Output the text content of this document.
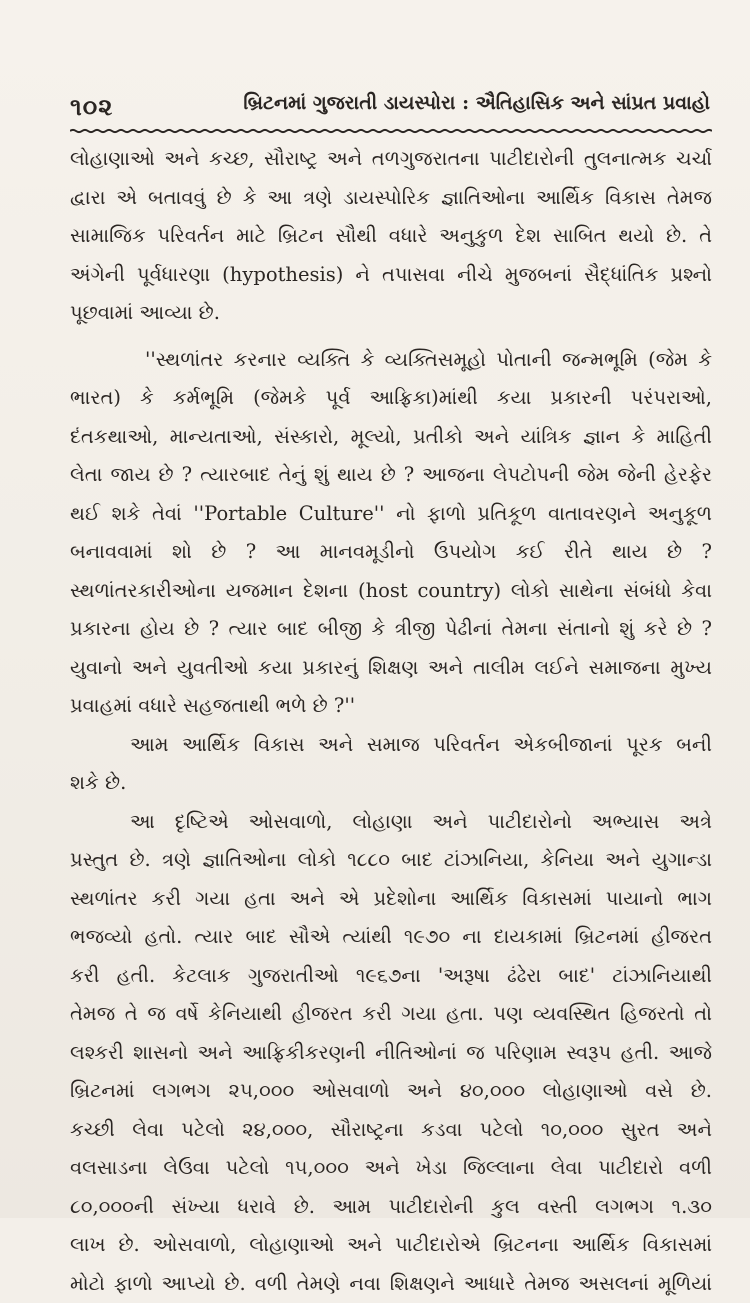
૧૦૨	બ્રિટનમાં ગુજરાતી ડાયસ્પોરા : ઐતિહાસિક અને સાંપ્રત પ્રવાહો
લોહાણાઓ અને કચ્છ, સૌરાષ્ટ્ર અને તળગુજરાતના પાટીદારોની તુલનાત્મક ચર્ચા
દ્વારા એ બતાવવું છે કે આ ત્રણે ડાયસ્પોરિક જ્ઞાતિઓના આર્થિક વિકાસ તેમજ
સામાજિક પરિવર્તન માટે બ્રિટન સૌથી વધારે અનુકુળ દેશ સાબિત થયો છે. તે
અંગેની પૂર્વધારણા (hypothesis) ને તપાસવા નીચે મુજબનાં સૈદ્ધાંતિક પ્રશ્નો
પૂછવામાં આવ્યા છે.
''સ્થળાંતર કરનાર વ્યક્તિ કે વ્યક્તિસમૂહો પોતાની જન્મભૂમિ (જેમ કે
ભારત) કે કર્મભૂમિ (જેમકે પૂર્વ આફ્રિકા)માંથી કયા પ્રકારની પરંપરાઓ,
દંતકથાઓ, માન્યતાઓ, સંસ્કારો, મૂલ્યો, પ્રતીકો અને યાંત્રિક જ્ઞાન કે માહિતી
લેતા જાય છે ? ત્યારબાદ તેનું શું થાય છે ? આજના લેપટોપની જેમ જેની હેરફેર
થઈ શકે તેવાં ''Portable Culture'' નો ફાળો પ્રતિકૂળ વાતાવરણને અનુકૂળ
બનાવવામાં શો છે ? આ માનવમૂડીનો ઉપયોગ કઈ રીતે થાય છે ?
સ્થળાંતરકારીઓના યજમાન દેશના (host country) લોકો સાથેના સંબંધો કેવા
પ્રકારના હોય છે ? ત્યાર બાદ બીજી કે ત્રીજી પેઢીનાં તેમના સંતાનો શું કરે છે ?
યુવાનો અને યુવતીઓ કયા પ્રકારનું શિક્ષણ અને તાલીમ લઈને સમાજના મુખ્ય
પ્રવાહમાં વધારે સહજતાથી ભળે છે ?''
આમ આર્થિક વિકાસ અને સમાજ પરિવર્તન એકબીજાનાં પૂરક બની
શકે છે.
આ દૃષ્ટિએ ઓસવાળો, લોહાણા અને પાટીદારોનો અભ્યાસ અત્રે
પ્રસ્તુત છે. ત્રણે જ્ઞાતિઓના લોકો ૧૮૮૦ બાદ ટાંઝાનિયા, કેનિયા અને યુગાન્ડા
સ્થળાંતર કરી ગયા હતા અને એ પ્રદેશોના આર્થિક વિકાસમાં પાયાનો ભાગ
ભજવ્યો હતો. ત્યાર બાદ સૌએ ત્યાંથી ૧૯૭૦ ના દાયકામાં બ્રિટનમાં હીજરત
કરી હતી. કેટલાક ગુજરાતીઓ ૧૯૬૭ના 'અરૂષા ઢંઢેરા બાદ' ટાંઝાનિયાથી
તેમજ તે જ વર્ષે કેનિયાથી હીજરત કરી ગયા હતા. પણ વ્યવસ્થિત હિજરતો તો
લશ્કરી શાસનો અને આફ્રિકીકરણની નીતિઓનાં જ પરિણામ સ્વરૂપ હતી. આજે
બ્રિટનમાં લગભગ ૨૫,૦૦૦ ઓસવાળો અને ૪૦,૦૦૦ લોહાણાઓ વસે છે.
કચ્છી લેવા પટેલો ૨૪,૦૦૦, સૌરાષ્ટ્રના કડવા પટેલો ૧૦,૦૦૦ સુરત અને
વલસાડના લેઉવા પટેલો ૧૫,૦૦૦ અને ખેડા જિલ્લાના લેવા પાટીદારો વળી
૮૦,૦૦૦ની સંખ્યા ધરાવે છે. આમ પાટીદારોની કુલ વસ્તી લગભગ ૧.૩૦
લાખ છે. ઓસવાળો, લોહાણાઓ અને પાટીદારોએ બ્રિટનના આર્થિક વિકાસમાં
મોટો ફાળો આપ્યો છે. વળી તેમણે નવા શિક્ષણને આધારે તેમજ અસલનાં મૂળિયાં
